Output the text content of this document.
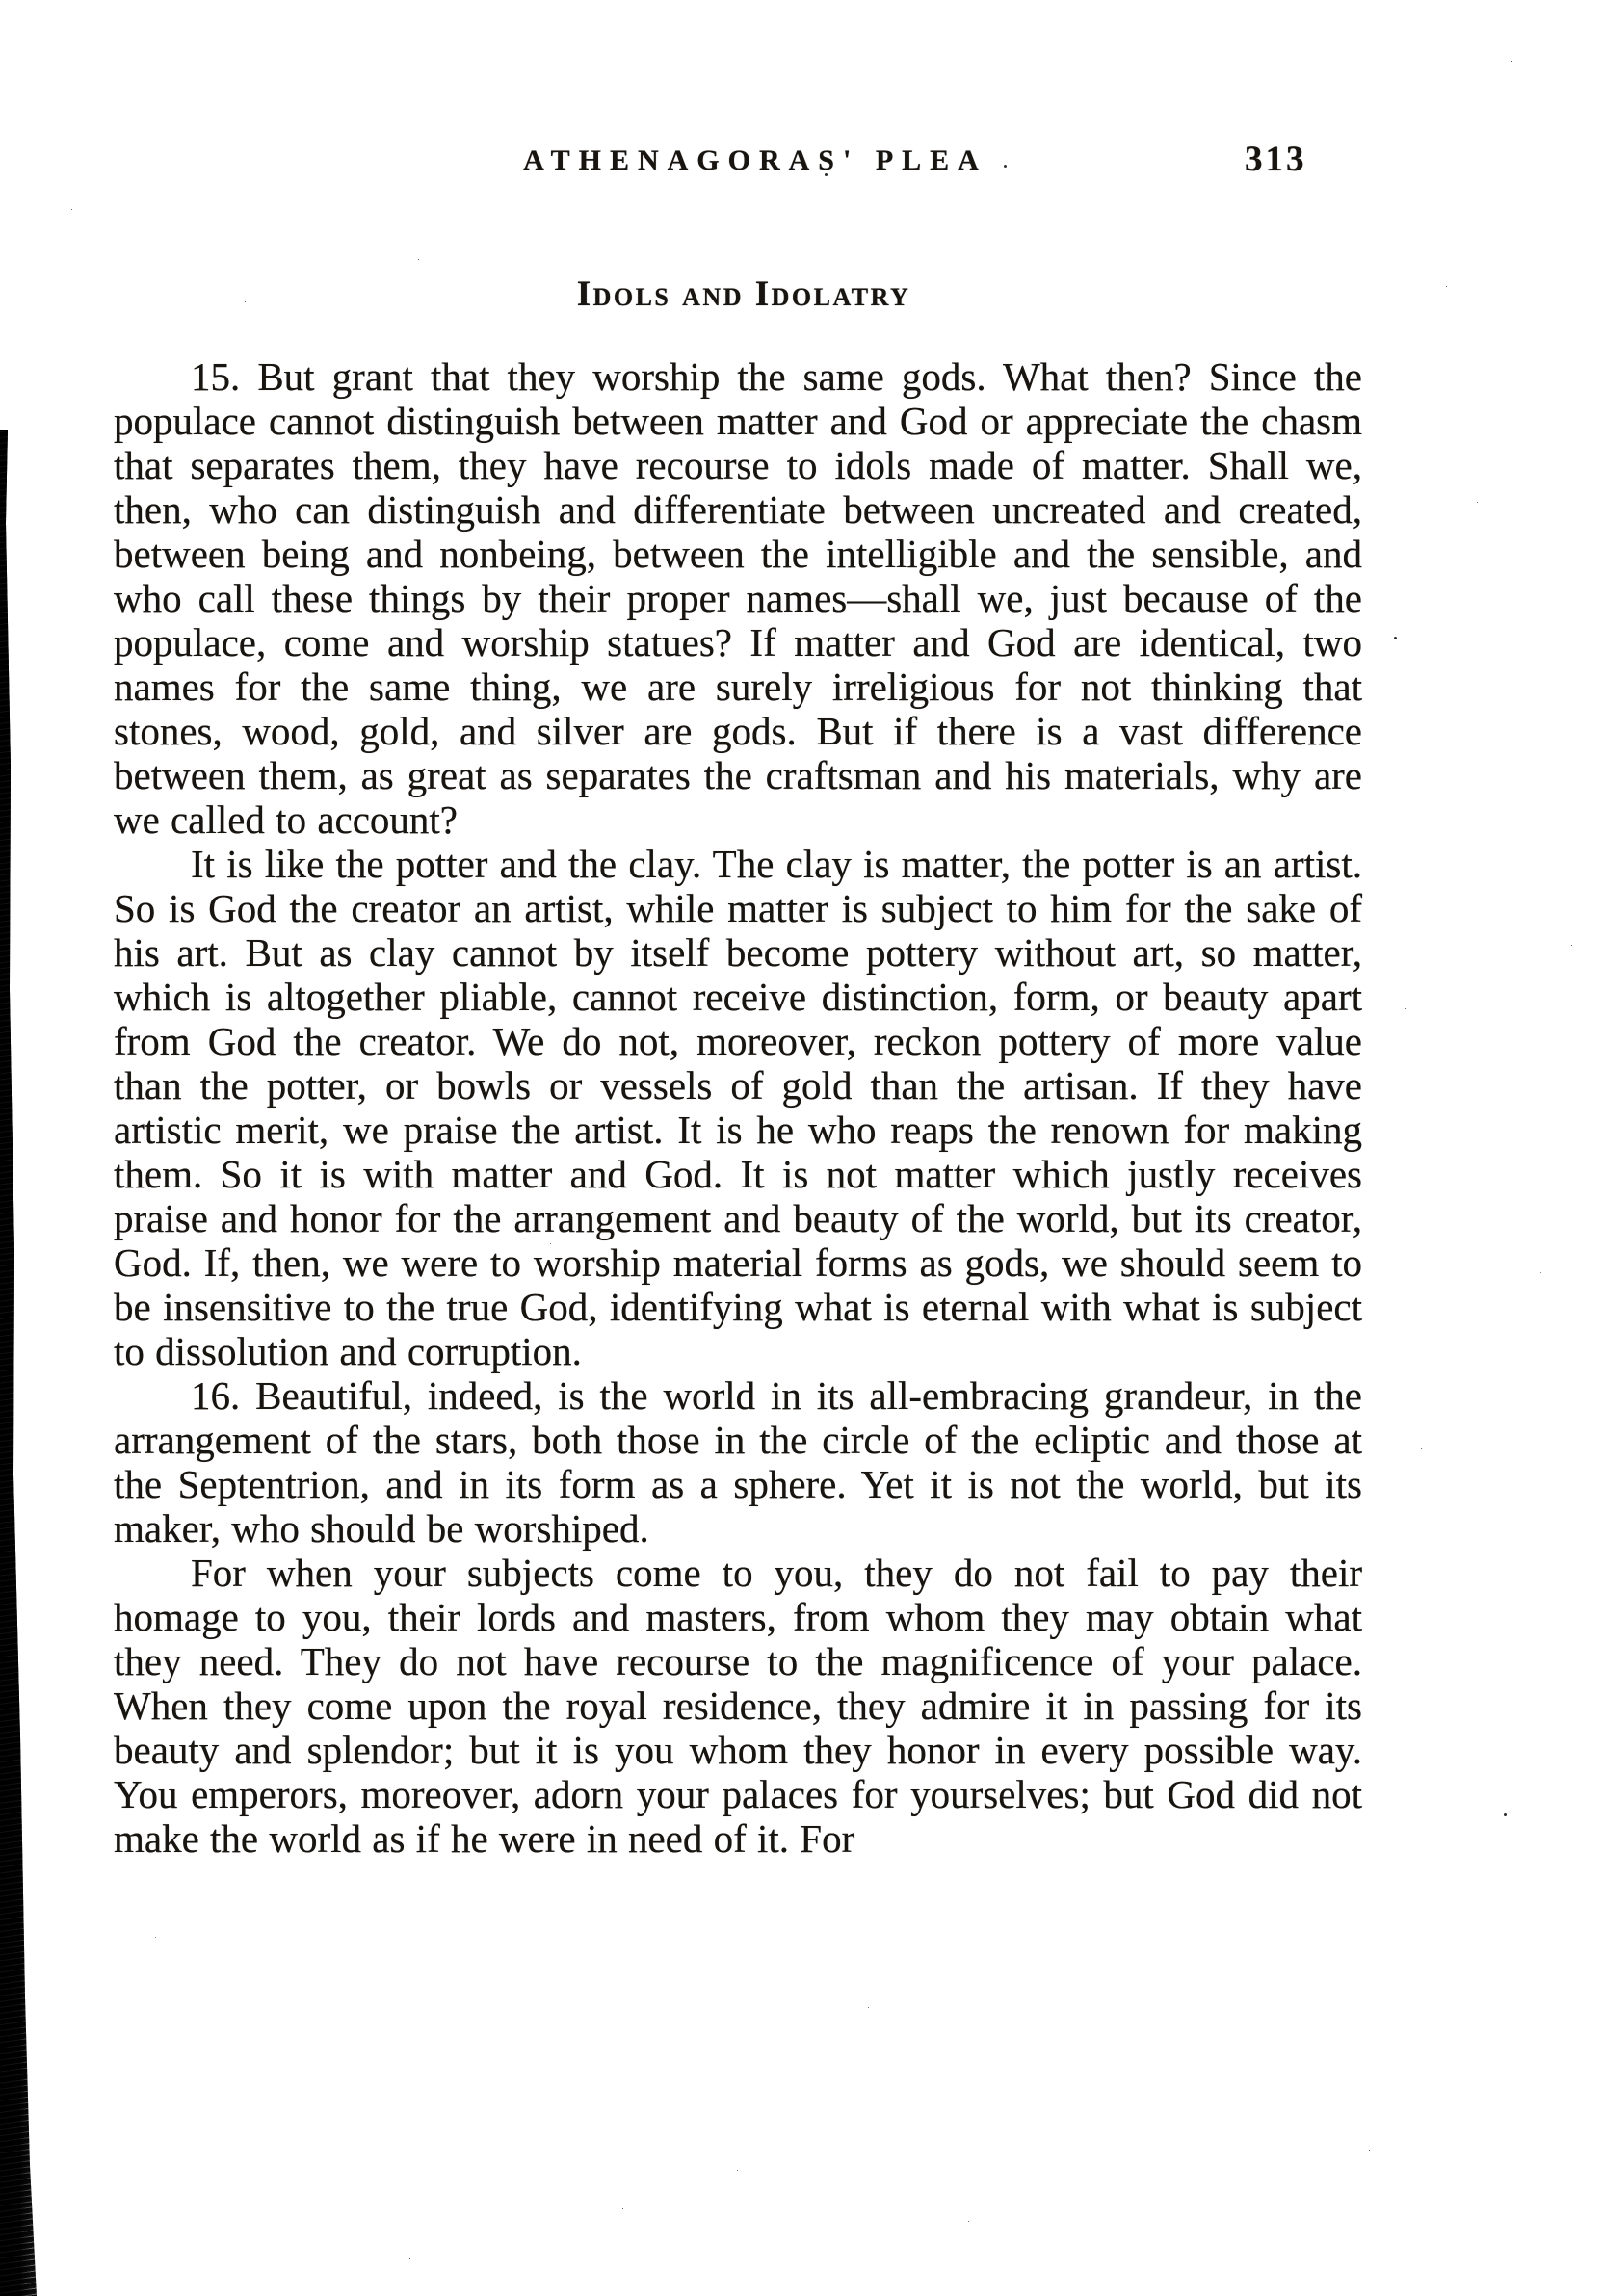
ATHENAGORAS' PLEA	313
Idols and Idolatry

15. But grant that they worship the same gods. What then? Since the populace cannot distinguish between matter and God or appreciate the chasm that separates them, they have recourse to idols made of matter. Shall we, then, who can distinguish and differentiate between uncreated and created, between being and nonbeing, between the intelligible and the sensible, and who call these things by their proper names—shall we, just because of the populace, come and worship statues? If matter and God are identical, two names for the same thing, we are surely irreligious for not thinking that stones, wood, gold, and silver are gods. But if there is a vast difference between them, as great as separates the craftsman and his materials, why are we called to account?

It is like the potter and the clay. The clay is matter, the potter is an artist. So is God the creator an artist, while matter is subject to him for the sake of his art. But as clay cannot by itself become pottery without art, so matter, which is altogether pliable, cannot receive distinction, form, or beauty apart from God the creator. We do not, moreover, reckon pottery of more value than the potter, or bowls or vessels of gold than the artisan. If they have artistic merit, we praise the artist. It is he who reaps the renown for making them. So it is with matter and God. It is not matter which justly receives praise and honor for the arrangement and beauty of the world, but its creator, God. If, then, we were to worship material forms as gods, we should seem to be insensitive to the true God, identifying what is eternal with what is subject to dissolution and corruption.

16. Beautiful, indeed, is the world in its all-embracing grandeur, in the arrangement of the stars, both those in the circle of the ecliptic and those at the Septentrion, and in its form as a sphere. Yet it is not the world, but its maker, who should be worshiped.

For when your subjects come to you, they do not fail to pay their homage to you, their lords and masters, from whom they may obtain what they need. They do not have recourse to the magnificence of your palace. When they come upon the royal residence, they admire it in passing for its beauty and splendor; but it is you whom they honor in every possible way. You emperors, moreover, adorn your palaces for yourselves; but God did not make the world as if he were in need of it. For
